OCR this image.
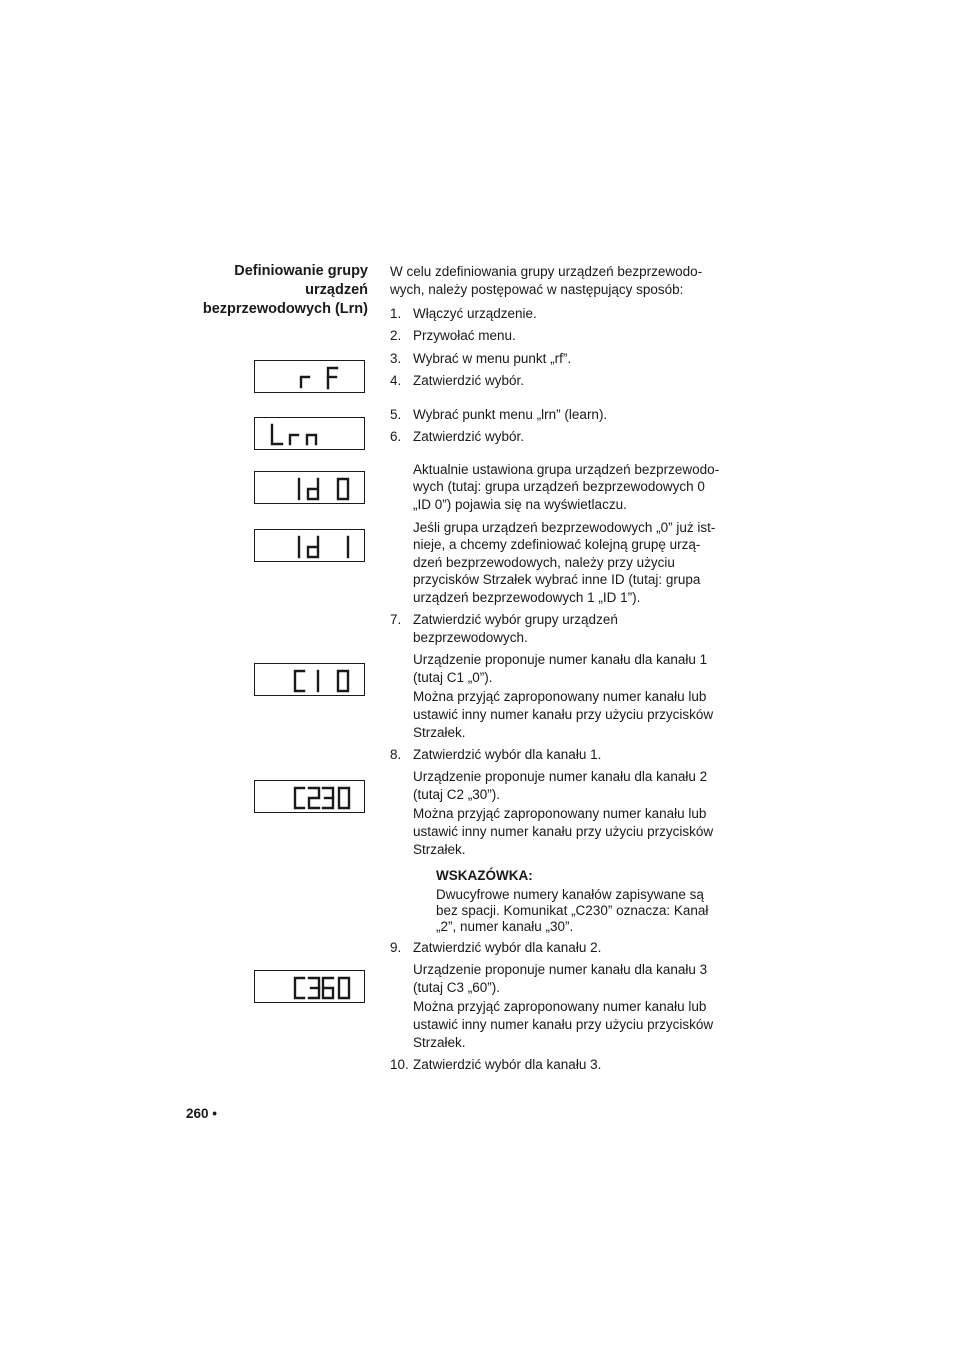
Definiowanie grupy
urządzeń
bezprzewodowych (Lrn)
W celu zdefiniowania grupy urządzeń bezprzewodo-
wych, należy postępować w następujący sposób:
1. Włączyć urządzenie.
2. Przywołać menu.
3. Wybrać w menu punkt „rf”.
4. Zatwierdzić wybór.
5. Wybrać punkt menu „lrn” (learn).
6. Zatwierdzić wybór.
Aktualnie ustawiona grupa urządzeń bezprzewodo-
wych (tutaj: grupa urządzeń bezprzewodowych 0
„ID 0”) pojawia się na wyświetlaczu.
Jeśli grupa urządzeń bezprzewodowych „0” już ist-
nieje, a chcemy zdefiniować kolejną grupę urzą-
dzeń bezprzewodowych, należy przy użyciu
przycisków Strzałek wybrać inne ID (tutaj: grupa
urządzeń bezprzewodowych 1 „ID 1”).
7. Zatwierdzić wybór grupy urządzeń
bezprzewodowych.
Urządzenie proponuje numer kanału dla kanału 1
(tutaj C1 „0”).
Można przyjąć zaproponowany numer kanału lub
ustawić inny numer kanału przy użyciu przycisków
Strzałek.
8. Zatwierdzić wybór dla kanału 1.
Urządzenie proponuje numer kanału dla kanału 2
(tutaj C2 „30”).
Można przyjąć zaproponowany numer kanału lub
ustawić inny numer kanału przy użyciu przycisków
Strzałek.
WSKAZÓWKA:
Dwucyfrowe numery kanałów zapisywane są
bez spacji. Komunikat „C230” oznacza: Kanał
„2”, numer kanału „30”.
9. Zatwierdzić wybór dla kanału 2.
Urządzenie proponuje numer kanału dla kanału 3
(tutaj C3 „60”).
Można przyjąć zaproponowany numer kanału lub
ustawić inny numer kanału przy użyciu przycisków
Strzałek.
10. Zatwierdzić wybór dla kanału 3.
260 •
